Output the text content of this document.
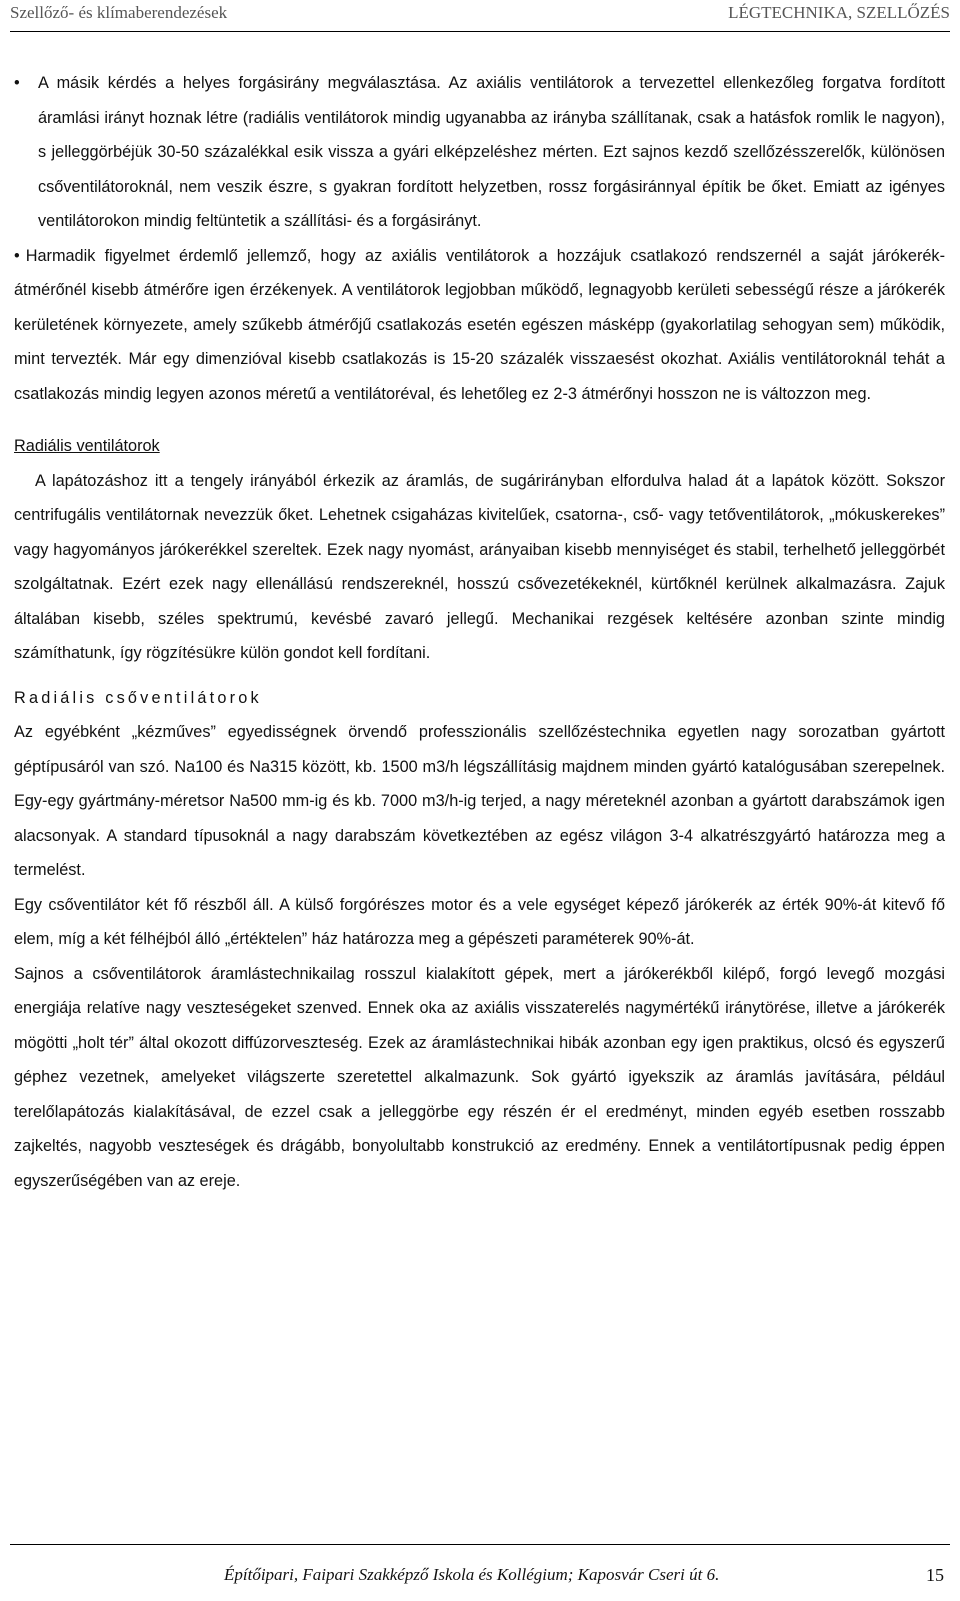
Szellőző- és klímaberendezések	LÉGTECHNIKA, SZELLŐZÉS

• A másik kérdés a helyes forgásirány megválasztása. Az axiális ventilátorok a tervezettel ellenkezőleg forgatva fordított áramlási irányt hoznak létre (radiális ventilátorok mindig ugyanabba az irányba szállítanak, csak a hatásfok romlik le nagyon), s jelleggörbéjük 30-50 százalékkal esik vissza a gyári elképzeléshez mérten. Ezt sajnos kezdő szellőzésszerelők, különösen csőventilátoroknál, nem veszik észre, s gyakran fordított helyzetben, rossz forgásiránnyal építik be őket. Emiatt az igényes ventilátorokon mindig feltüntetik a szállítási- és a forgásirányt.

• Harmadik figyelmet érdemlő jellemző, hogy az axiális ventilátorok a hozzájuk csatlakozó rendszernél a saját járókerék-átmérőnél kisebb átmérőre igen érzékenyek. A ventilátorok legjobban működő, legnagyobb kerületi sebességű része a járókerék kerületének környezete, amely szűkebb átmérőjű csatlakozás esetén egészen másképp (gyakorlatilag sehogyan sem) működik, mint tervezték. Már egy dimenzióval kisebb csatlakozás is 15-20 százalék visszaesést okozhat. Axiális ventilátoroknál tehát a csatlakozás mindig legyen azonos méretű a ventilátoréval, és lehetőleg ez 2-3 átmérőnyi hosszon ne is változzon meg.

Radiális ventilátorok

A lapátozáshoz itt a tengely irányából érkezik az áramlás, de sugárirányban elfordulva halad át a lapátok között. Sokszor centrifugális ventilátornak nevezzük őket. Lehetnek csigaházas kivitelűek, csatorna-, cső- vagy tetőventilátorok, „mókuskerekes” vagy hagyományos járókerékkel szereltek. Ezek nagy nyomást, arányaiban kisebb mennyiséget és stabil, terhelhető jelleggörbét szolgáltatnak. Ezért ezek nagy ellenállású rendszereknél, hosszú csővezetékeknél, kürtőknél kerülnek alkalmazásra. Zajuk általában kisebb, széles spektrumú, kevésbé zavaró jellegű. Mechanikai rezgések keltésére azonban szinte mindig számíthatunk, így rögzítésükre külön gondot kell fordítani.

Radiális csőventilátorok

Az egyébként „kézműves” egyedisségnek örvendő professzionális szellőzéstechnika egyetlen nagy sorozatban gyártott géptípusáról van szó. Na100 és Na315 között, kb. 1500 m3/h légszállításig majdnem minden gyártó katalógusában szerepelnek. Egy-egy gyártmány-méretsor Na500 mm-ig és kb. 7000 m3/h-ig terjed, a nagy méreteknél azonban a gyártott darabszámok igen alacsonyak. A standard típusoknál a nagy darabszám következtében az egész világon 3-4 alkatrészgyártó határozza meg a termelést.

Egy csőventilátor két fő részből áll. A külső forgórészes motor és a vele egységet képező járókerék az érték 90%-át kitevő fő elem, míg a két félhéjból álló „értéktelen” ház határozza meg a gépészeti paraméterek 90%-át.

Sajnos a csőventilátorok áramlástechnikailag rosszul kialakított gépek, mert a járókerékből kilépő, forgó levegő mozgási energiája relatíve nagy veszteségeket szenved. Ennek oka az axiális visszaterelés nagymértékű iránytörése, illetve a járókerék mögötti „holt tér” által okozott diffúzorveszteség. Ezek az áramlástechnikai hibák azonban egy igen praktikus, olcsó és egyszerű géphez vezetnek, amelyeket világszerte szeretettel alkalmazunk. Sok gyártó igyekszik az áramlás javítására, például terelőlapátozás kialakításával, de ezzel csak a jelleggörbe egy részén ér el eredményt, minden egyéb esetben rosszabb zajkeltés, nagyobb veszteségek és drágább, bonyolultabb konstrukció az eredmény. Ennek a ventilátortípusnak pedig éppen egyszerűségében van az ereje.

Építőipari, Faipari Szakképző Iskola és Kollégium; Kaposvár Cseri út 6.	15
